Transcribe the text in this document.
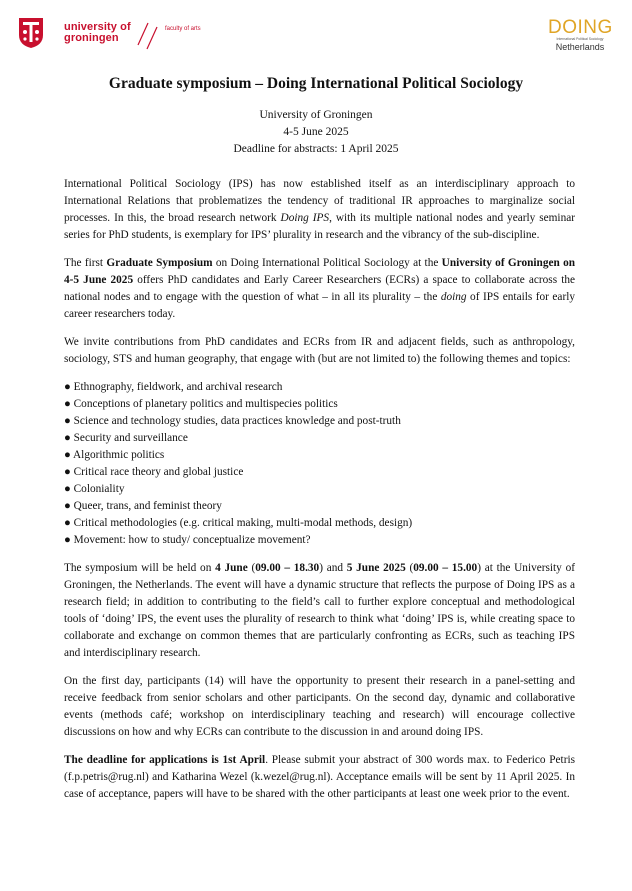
university of
groningen
faculty of arts	DOING
International Political Sociology
Netherlands
Graduate symposium – Doing International Political Sociology
University of Groningen
4-5 June 2025
Deadline for abstracts: 1 April 2025

International Political Sociology (IPS) has now established itself as an interdisciplinary approach to International Relations that problematizes the tendency of traditional IR approaches to marginalize social processes. In this, the broad research network Doing IPS, with its multiple national nodes and yearly seminar series for PhD students, is exemplary for IPS’ plurality in research and the vibrancy of the sub-discipline.

The first Graduate Symposium on Doing International Political Sociology at the University of Groningen on 4-5 June 2025 offers PhD candidates and Early Career Researchers (ECRs) a space to collaborate across the national nodes and to engage with the question of what – in all its plurality – the doing of IPS entails for early career researchers today.

We invite contributions from PhD candidates and ECRs from IR and adjacent fields, such as anthropology, sociology, STS and human geography, that engage with (but are not limited to) the following themes and topics:

● Ethnography, fieldwork, and archival research
● Conceptions of planetary politics and multispecies politics
● Science and technology studies, data practices knowledge and post-truth
● Security and surveillance
● Algorithmic politics
● Critical race theory and global justice
● Coloniality
● Queer, trans, and feminist theory
● Critical methodologies (e.g. critical making, multi-modal methods, design)
● Movement: how to study/ conceptualize movement?

The symposium will be held on 4 June (09.00 – 18.30) and 5 June 2025 (09.00 – 15.00) at the University of Groningen, the Netherlands. The event will have a dynamic structure that reflects the purpose of Doing IPS as a research field; in addition to contributing to the field’s call to further explore conceptual and methodological tools of ‘doing’ IPS, the event uses the plurality of research to think what ‘doing’ IPS is, while creating space to collaborate and exchange on common themes that are particularly confronting as ECRs, such as teaching IPS and interdisciplinary research.

On the first day, participants (14) will have the opportunity to present their research in a panel-setting and receive feedback from senior scholars and other participants. On the second day, dynamic and collaborative events (methods café; workshop on interdisciplinary teaching and research) will encourage collective discussions on how and why ECRs can contribute to the discussion in and around doing IPS.

The deadline for applications is 1st April. Please submit your abstract of 300 words max. to Federico Petris (f.p.petris@rug.nl) and Katharina Wezel (k.wezel@rug.nl). Acceptance emails will be sent by 11 April 2025. In case of acceptance, papers will have to be shared with the other participants at least one week prior to the event.
